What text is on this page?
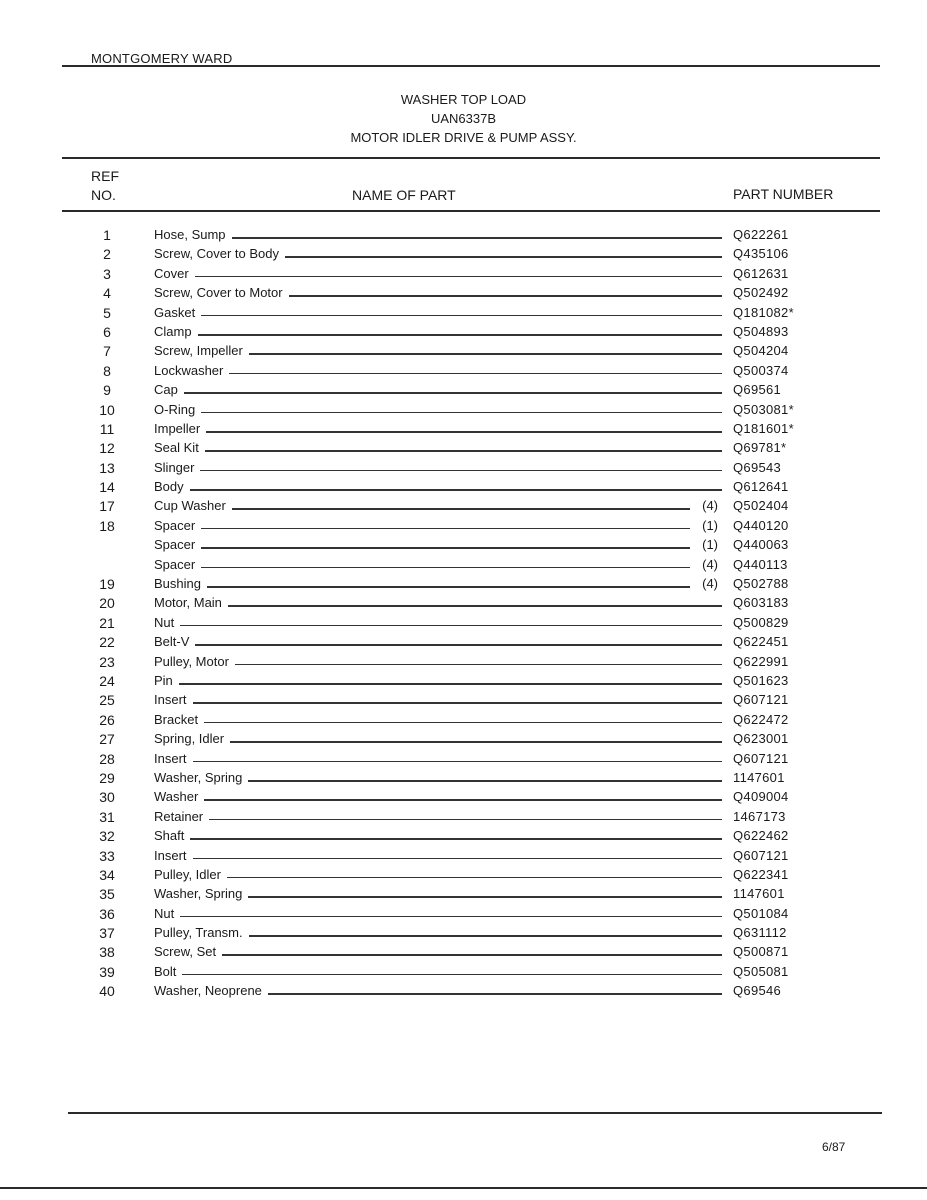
MONTGOMERY WARD
WASHER TOP LOAD
UAN6337B
MOTOR IDLER DRIVE & PUMP ASSY.
REF
NO.	NAME OF PART	PART NUMBER
1	Hose, Sump	Q622261
2	Screw, Cover to Body	Q435106
3	Cover	Q612631
4	Screw, Cover to Motor	Q502492
5	Gasket	Q181082*
6	Clamp	Q504893
7	Screw, Impeller	Q504204
8	Lockwasher	Q500374
9	Cap	Q69561
10	O-Ring	Q503081*
11	Impeller	Q181601*
12	Seal Kit	Q69781*
13	Slinger	Q69543
14	Body	Q612641
17	Cup Washer	(4) Q502404
18	Spacer	(1) Q440120
Spacer	(1) Q440063
Spacer	(4) Q440113
19	Bushing	(4) Q502788
20	Motor, Main	Q603183
21	Nut	Q500829
22	Belt-V	Q622451
23	Pulley, Motor	Q622991
24	Pin	Q501623
25	Insert	Q607121
26	Bracket	Q622472
27	Spring, Idler	Q623001
28	Insert	Q607121
29	Washer, Spring	1147601
30	Washer	Q409004
31	Retainer	1467173
32	Shaft	Q622462
33	Insert	Q607121
34	Pulley, Idler	Q622341
35	Washer, Spring	1147601
36	Nut	Q501084
37	Pulley, Transm.	Q631112
38	Screw, Set	Q500871
39	Bolt	Q505081
40	Washer, Neoprene	Q69546
6/87
